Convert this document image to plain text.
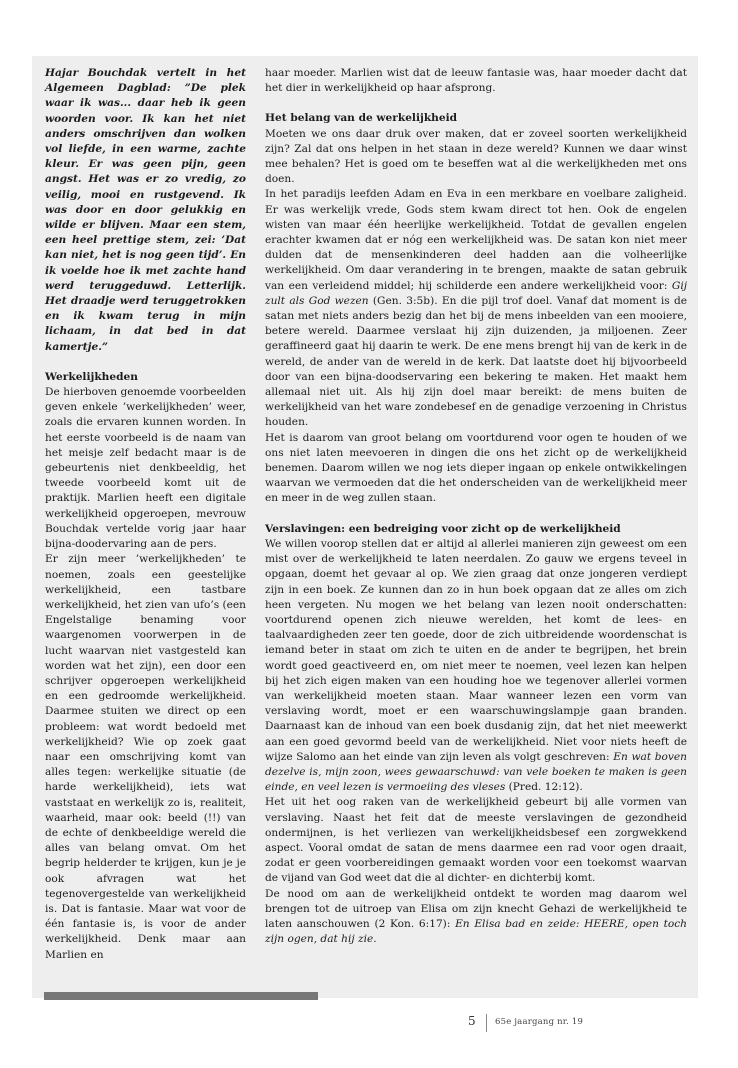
Hajar Bouchdak vertelt in het Algemeen Dagblad: ”De plek waar ik was... daar heb ik geen woorden voor. Ik kan het niet anders omschrijven dan wolken vol liefde, in een warme, zachte kleur. Er was geen pijn, geen angst. Het was er zo vredig, zo veilig, mooi en rustgevend. Ik was door en door gelukkig en wilde er blijven. Maar een stem, een heel prettige stem, zei: ’Dat kan niet, het is nog geen tijd’. En ik voelde hoe ik met zachte hand werd teruggeduwd. Letterlijk. Het draadje werd teruggetrokken en ik kwam terug in mijn lichaam, in dat bed in dat kamertje.”

Werkelijkheden

De hierboven genoemde voorbeelden geven enkele ’werkelijkheden’ weer, zoals die ervaren kunnen worden. In het eerste voorbeeld is de naam van het meisje zelf bedacht maar is de gebeurtenis niet denkbeeldig, het tweede voorbeeld komt uit de praktijk. Marlien heeft een digitale werkelijkheid opgeroepen, mevrouw Bouchdak vertelde vorig jaar haar bijna-doodervaring aan de pers.

Er zijn meer ’werkelijkheden’ te noemen, zoals een geestelijke werkelijkheid, een tastbare werkelijkheid, het zien van ufo’s (een Engelstalige benaming voor waargenomen voorwerpen in de lucht waarvan niet vastgesteld kan worden wat het zijn), een door een schrijver opgeroepen werkelijkheid en een gedroomde werkelijkheid. Daarmee stuiten we direct op een probleem: wat wordt bedoeld met werkelijkheid? Wie op zoek gaat naar een omschrijving komt van alles tegen: werkelijke situatie (de harde werkelijkheid), iets wat vaststaat en werkelijk zo is, realiteit, waarheid, maar ook: beeld (!!) van de echte of denkbeeldige wereld die alles van belang omvat. Om het begrip helderder te krijgen, kun je je ook afvragen wat het tegenovergestelde van werkelijkheid is. Dat is fantasie. Maar wat voor de één fantasie is, is voor de ander werkelijkheid. Denk maar aan Marlien en

haar moeder. Marlien wist dat de leeuw fantasie was, haar moeder dacht dat het dier in werkelijkheid op haar afsprong.

Het belang van de werkelijkheid

Moeten we ons daar druk over maken, dat er zoveel soorten werkelijkheid zijn? Zal dat ons helpen in het staan in deze wereld? Kunnen we daar winst mee behalen? Het is goed om te beseffen wat al die werkelijkheden met ons doen.

In het paradijs leefden Adam en Eva in een merkbare en voelbare zaligheid. Er was werkelijk vrede, Gods stem kwam direct tot hen. Ook de engelen wisten van maar één heerlijke werkelijkheid. Totdat de gevallen engelen erachter kwamen dat er nóg een werkelijkheid was. De satan kon niet meer dulden dat de mensenkinderen deel hadden aan die volheerlijke werkelijkheid. Om daar verandering in te brengen, maakte de satan gebruik van een verleidend middel; hij schilderde een andere werkelijkheid voor: Gij zult als God wezen (Gen. 3:5b). En die pijl trof doel. Vanaf dat moment is de satan met niets anders bezig dan het bij de mens inbeelden van een mooiere, betere wereld. Daarmee verslaat hij zijn duizenden, ja miljoenen. Zeer geraffineerd gaat hij daarin te werk. De ene mens brengt hij van de kerk in de wereld, de ander van de wereld in de kerk. Dat laatste doet hij bijvoorbeeld door van een bijna-doodservaring een bekering te maken. Het maakt hem allemaal niet uit. Als hij zijn doel maar bereikt: de mens buiten de werkelijkheid van het ware zondebesef en de genadige verzoening in Christus houden.

Het is daarom van groot belang om voortdurend voor ogen te houden of we ons niet laten meevoeren in dingen die ons het zicht op de werkelijkheid benemen. Daarom willen we nog iets dieper ingaan op enkele ontwikkelingen waarvan we vermoeden dat die het onderscheiden van de werkelijkheid meer en meer in de weg zullen staan.

Verslavingen: een bedreiging voor zicht op de werkelijkheid

We willen voorop stellen dat er altijd al allerlei manieren zijn geweest om een mist over de werkelijkheid te laten neerdalen. Zo gauw we ergens teveel in opgaan, doemt het gevaar al op. We zien graag dat onze jongeren verdiept zijn in een boek. Ze kunnen dan zo in hun boek opgaan dat ze alles om zich heen vergeten. Nu mogen we het belang van lezen nooit onderschatten: voortdurend openen zich nieuwe werelden, het komt de lees- en taalvaardigheden zeer ten goede, door de zich uitbreidende woordenschat is iemand beter in staat om zich te uiten en de ander te begrijpen, het brein wordt goed geactiveerd en, om niet meer te noemen, veel lezen kan helpen bij het zich eigen maken van een houding hoe we tegenover allerlei vormen van werkelijkheid moeten staan. Maar wanneer lezen een vorm van verslaving wordt, moet er een waarschuwingslampje gaan branden. Daarnaast kan de inhoud van een boek dusdanig zijn, dat het niet meewerkt aan een goed gevormd beeld van de werkelijkheid. Niet voor niets heeft de wijze Salomo aan het einde van zijn leven als volgt geschreven: En wat boven dezelve is, mijn zoon, wees gewaarschuwd: van vele boeken te maken is geen einde, en veel lezen is vermoeiing des vleses (Pred. 12:12).

Het uit het oog raken van de werkelijkheid gebeurt bij alle vormen van verslaving. Naast het feit dat de meeste verslavingen de gezondheid ondermijnen, is het verliezen van werkelijkheidsbesef een zorgwekkend aspect. Vooral omdat de satan de mens daarmee een rad voor ogen draait, zodat er geen voorbereidingen gemaakt worden voor een toekomst waarvan de vijand van God weet dat die al dichter- en dichterbij komt.

De nood om aan de werkelijkheid ontdekt te worden mag daarom wel brengen tot de uitroep van Elisa om zijn knecht Gehazi de werkelijkheid te laten aanschouwen (2 Kon. 6:17): En Elisa bad en zeide: HEERE, open toch zijn ogen, dat hij zie.

5 65e jaargang nr. 19
